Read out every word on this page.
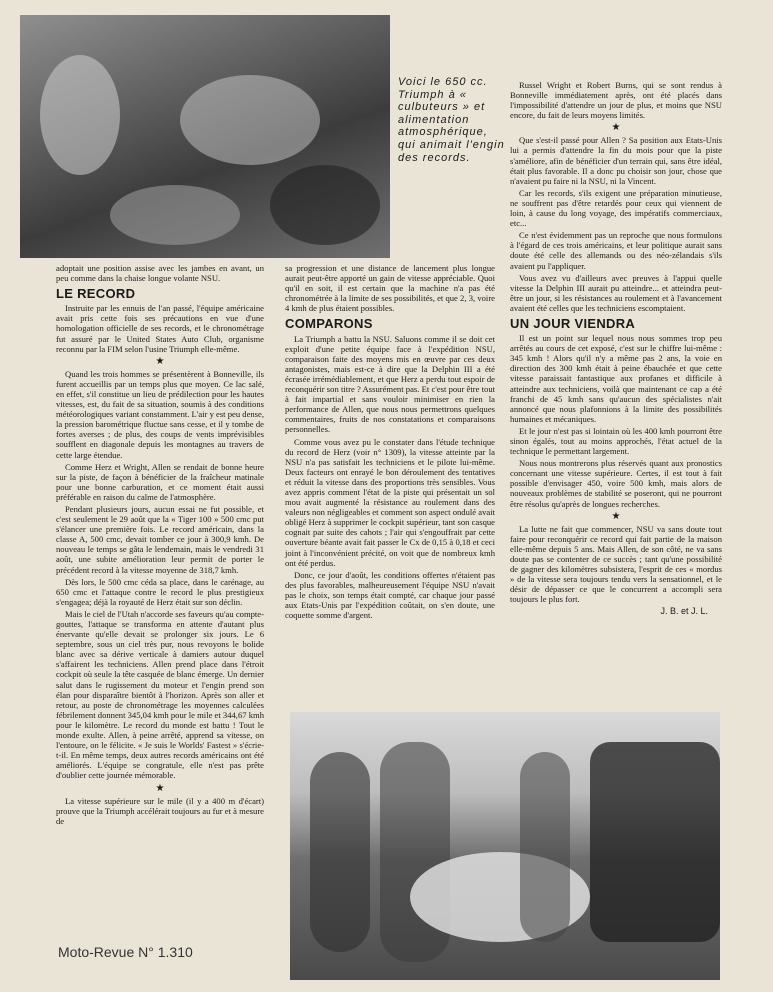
Voici le 650 cc. Triumph à « culbuteurs » et alimentation atmosphérique, qui animait l'engin des records.

adoptait une position assise avec les jambes en avant, un peu comme dans la chaise longue volante NSU.

LE RECORD

Instruite par les ennuis de l'an passé, l'équipe américaine avait pris cette fois ses précautions en vue d'une homologation officielle de ses records, et le chronométrage fut assuré par le United States Auto Club, organisme reconnu par la FIM selon l'usine Triumph elle-même.

★

Quand les trois hommes se présentèrent à Bonneville, ils furent accueillis par un temps plus que moyen. Ce lac salé, en effet, s'il constitue un lieu de prédilection pour les hautes vitesses, est, du fait de sa situation, soumis à des conditions météorologiques variant constamment. L'air y est peu dense, la pression barométrique fluctue sans cesse, et il y tombe de fortes averses ; de plus, des coups de vents imprévisibles soufflent en diagonale depuis les montagnes au travers de cette large étendue.

Comme Herz et Wright, Allen se rendait de bonne heure sur la piste, de façon à bénéficier de la fraîcheur matinale pour une bonne carburation, et ce moment était aussi préférable en raison du calme de l'atmosphère.

Pendant plusieurs jours, aucun essai ne fut possible, et c'est seulement le 29 août que la « Tiger 100 » 500 cmc put s'élancer une première fois. Le record américain, dans la classe A, 500 cmc, devait tomber ce jour à 300,9 kmh. De nouveau le temps se gâta le lendemain, mais le vendredi 31 août, une subite amélioration leur permit de porter le précédent record à la vitesse moyenne de 318,7 kmh.

Dès lors, le 500 cmc céda sa place, dans le carénage, au 650 cmc et l'attaque contre le record le plus prestigieux s'engagea; déjà la royauté de Herz était sur son déclin.

Mais le ciel de l'Utah n'accorde ses faveurs qu'au compte-gouttes, l'attaque se transforma en attente d'autant plus énervante qu'elle devait se prolonger six jours. Le 6 septembre, sous un ciel très pur, nous revoyons le bolide blanc avec sa dérive verticale à damiers autour duquel s'affairent les techniciens. Allen prend place dans l'étroit cockpit où seule la tête casquée de blanc émerge. Un dernier salut dans le rugissement du moteur et l'engin prend son élan pour disparaître bientôt à l'horizon. Après son aller et retour, au poste de chronométrage les moyennes calculées fébrilement donnent 345,04 kmh pour le mile et 344,67 kmh pour le kilomètre. Le record du monde est battu ! Tout le monde exulte. Allen, à peine arrêté, apprend sa vitesse, on l'entoure, on le félicite. « Je suis le Worlds' Fastest » s'écrie-t-il. En même temps, deux autres records américains ont été améliorés. L'équipe se congratule, elle n'est pas prête d'oublier cette journée mémorable.

★

La vitesse supérieure sur le mile (il y a 400 m d'écart) prouve que la Triumph accélérait toujours au fur et à mesure de

sa progression et une distance de lancement plus longue aurait peut-être apporté un gain de vitesse appréciable. Quoi qu'il en soit, il est certain que la machine n'a pas été chronométrée à la limite de ses possibilités, et que 2, 3, voire 4 kmh de plus étaient possibles.

COMPARONS

La Triumph a battu la NSU. Saluons comme il se doit cet exploit d'une petite équipe face à l'expédition NSU, comparaison faite des moyens mis en œuvre par ces deux antagonistes, mais est-ce à dire que la Delphin III a été écrasée irrémédiablement, et que Herz a perdu tout espoir de reconquérir son titre ? Assurément pas. Et c'est pour être tout à fait impartial et sans vouloir minimiser en rien la performance de Allen, que nous nous permettrons quelques commentaires, fruits de nos constatations et comparaisons personnelles.

Comme vous avez pu le constater dans l'étude technique du record de Herz (voir n° 1309), la vitesse atteinte par la NSU n'a pas satisfait les techniciens et le pilote lui-même. Deux facteurs ont enrayé le bon déroulement des tentatives et réduit la vitesse dans des proportions très sensibles. Vous avez appris comment l'état de la piste qui présentait un sol mou avait augmenté la résistance au roulement dans des valeurs non négligeables et comment son aspect ondulé avait obligé Herz à supprimer le cockpit supérieur, tant son casque cognait par suite des cahots ; l'air qui s'engouffrait par cette ouverture béante avait fait passer le Cx de 0,15 à 0,18 et ceci joint à l'inconvénient précité, on voit que de nombreux kmh ont été perdus.

Donc, ce jour d'août, les conditions offertes n'étaient pas des plus favorables, malheureusement l'équipe NSU n'avait pas le choix, son temps était compté, car chaque jour passé aux Etats-Unis par l'expédition coûtait, on s'en doute, une coquette somme d'argent.

Russel Wright et Robert Burns, qui se sont rendus à Bonneville immédiatement après, ont été placés dans l'impossibilité d'attendre un jour de plus, et moins que NSU encore, du fait de leurs moyens limités.

★

Que s'est-il passé pour Allen ? Sa position aux Etats-Unis lui a permis d'attendre la fin du mois pour que la piste s'améliore, afin de bénéficier d'un terrain qui, sans être idéal, était plus favorable. Il a donc pu choisir son jour, chose que n'avaient pu faire ni la NSU, ni la Vincent.

Car les records, s'ils exigent une préparation minutieuse, ne souffrent pas d'être retardés pour ceux qui viennent de loin, à cause du long voyage, des impératifs commerciaux, etc...

Ce n'est évidemment pas un reproche que nous formulons à l'égard de ces trois américains, et leur politique aurait sans doute été celle des allemands ou des néo-zélandais s'ils avaient pu l'appliquer.

Vous avez vu d'ailleurs avec preuves à l'appui quelle vitesse la Delphin III aurait pu atteindre... et atteindra peut-être un jour, si les résistances au roulement et à l'avancement avaient été celles que les techniciens escomptaient.

UN JOUR VIENDRA

Il est un point sur lequel nous nous sommes trop peu arrêtés au cours de cet exposé, c'est sur le chiffre lui-même : 345 kmh ! Alors qu'il n'y a même pas 2 ans, la voie en direction des 300 kmh était à peine ébauchée et que cette vitesse paraissait fantastique aux profanes et difficile à atteindre aux techniciens, voilà que maintenant ce cap a été franchi de 45 kmh sans qu'aucun des spécialistes n'ait annoncé que nous plafonnions à la limite des possibilités humaines et mécaniques.

Et le jour n'est pas si lointain où les 400 kmh pourront être sinon égalés, tout au moins approchés, l'état actuel de la technique le permettant largement.

Nous nous montrerons plus réservés quant aux pronostics concernant une vitesse supérieure. Certes, il est tout à fait possible d'envisager 450, voire 500 kmh, mais alors de nouveaux problèmes de stabilité se poseront, qui ne pourront être résolus qu'après de longues recherches.

★

La lutte ne fait que commencer, NSU va sans doute tout faire pour reconquérir ce record qui fait partie de la maison elle-même depuis 5 ans. Mais Allen, de son côté, ne va sans doute pas se contenter de ce succès ; tant qu'une possibilité de gagner des kilomètres subsistera, l'esprit de ces « mordus » de la vitesse sera toujours tendu vers la sensationnel, et le désir de dépasser ce que le concurrent a accompli sera toujours le plus fort.

J. B. et J. L.
Moto-Revue N° 1.310
